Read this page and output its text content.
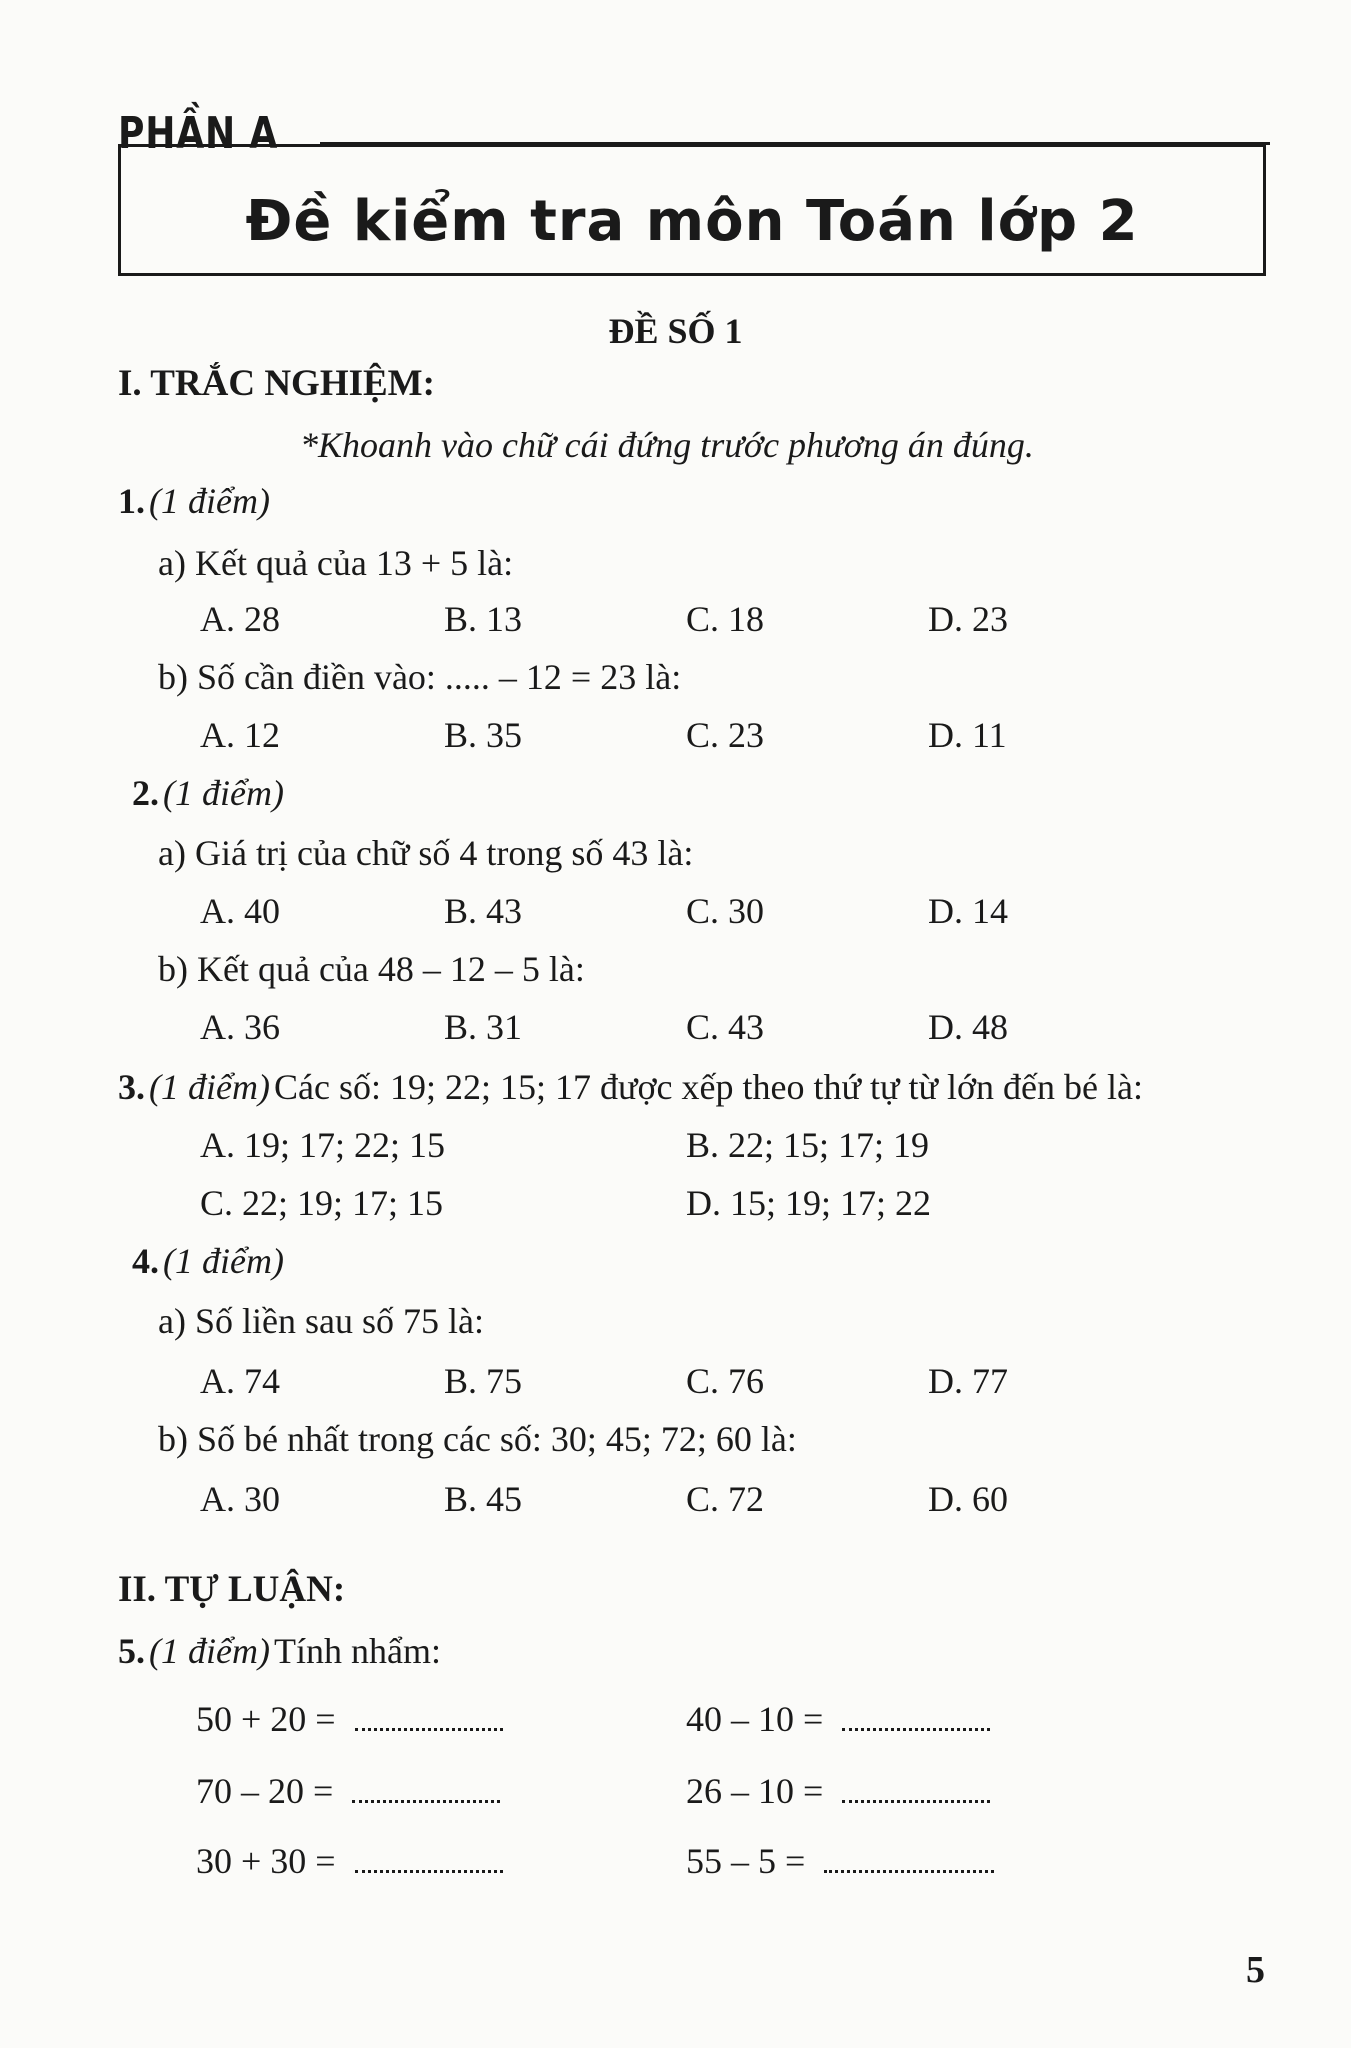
PHẦN A
Đề kiểm tra môn Toán lớp 2
ĐỀ SỐ 1
I. TRẮC NGHIỆM:
*Khoanh vào chữ cái đứng trước phương án đúng.
1. (1 điểm)
a) Kết quả của 13 + 5 là:
A. 28	B. 13	C. 18	D. 23
b) Số cần điền vào: ..... – 12 = 23 là:
A. 12	B. 35	C. 23	D. 11
2. (1 điểm)
a) Giá trị của chữ số 4 trong số 43 là:
A. 40	B. 43	C. 30	D. 14
b) Kết quả của 48 – 12 – 5 là:
A. 36	B. 31	C. 43	D. 48
3. (1 điểm) Các số: 19; 22; 15; 17 được xếp theo thứ tự từ lớn đến bé là:
A. 19; 17; 22; 15	B. 22; 15; 17; 19
C. 22; 19; 17; 15	D. 15; 19; 17; 22
4. (1 điểm)
a) Số liền sau số 75 là:
A. 74	B. 75	C. 76	D. 77
b) Số bé nhất trong các số: 30; 45; 72; 60 là:
A. 30	B. 45	C. 72	D. 60
II. TỰ LUẬN:
5. (1 điểm) Tính nhẩm:
50 + 20 =	40 – 10 =
70 – 20 =	26 – 10 =
30 + 30 =	55 – 5 =
5
